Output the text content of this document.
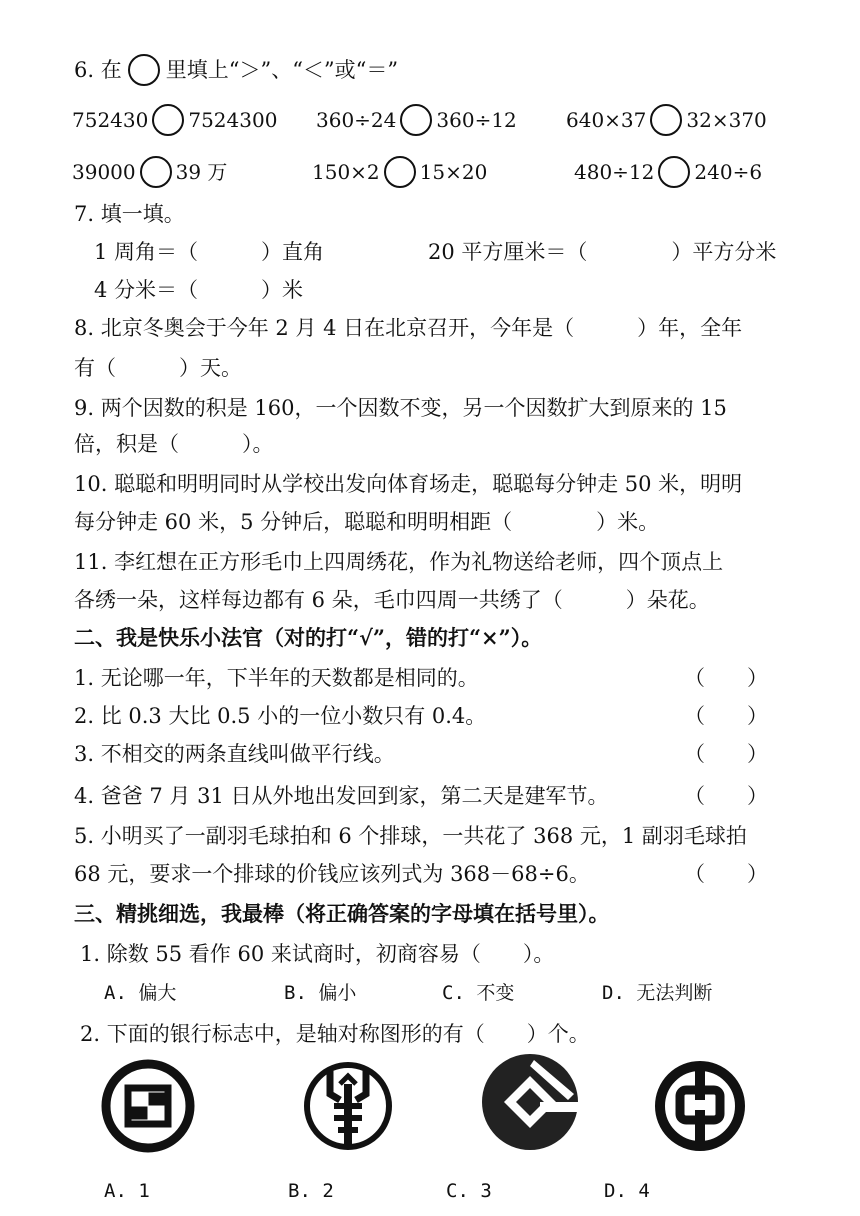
6. 在 里填上“＞”、“＜”或“＝”
752430 7524300 360÷24 360÷12 640×37 32×370
39000 39 万	150×2 15×20	480÷12 240÷6
7. 填一填。
1 周角＝（　　　）直角	20 平方厘米＝（　　　　）平方分米
4 分米＝（　　　）米
8. 北京冬奥会于今年 2 月 4 日在北京召开，今年是（　　　）年，全年
有（　　　）天。
9. 两个因数的积是 160，一个因数不变，另一个因数扩大到原来的 15
倍，积是（　　　）。
10. 聪聪和明明同时从学校出发向体育场走，聪聪每分钟走 50 米，明明
每分钟走 60 米，5 分钟后，聪聪和明明相距（　　　　）米。
11. 李红想在正方形毛巾上四周绣花，作为礼物送给老师，四个顶点上
各绣一朵，这样每边都有 6 朵，毛巾四周一共绣了（　　　）朵花。
二、我是快乐小法官（对的打“√”，错的打“×”）。
1. 无论哪一年，下半年的天数都是相同的。	（　　）
2. 比 0.3 大比 0.5 小的一位小数只有 0.4。	（　　）
3. 不相交的两条直线叫做平行线。	（　　）
4. 爸爸 7 月 31 日从外地出发回到家，第二天是建军节。	（　　）
5. 小明买了一副羽毛球拍和 6 个排球，一共花了 368 元，1 副羽毛球拍
68 元，要求一个排球的价钱应该列式为 368－68÷6。	（　　）
三、精挑细选，我最棒（将正确答案的字母填在括号里）。
1. 除数 55 看作 60 来试商时，初商容易（　　）。
A. 偏大	B. 偏小	C. 不变	D. 无法判断
2. 下面的银行标志中，是轴对称图形的有（　　）个。
A. 1	B. 2	C. 3	D. 4
